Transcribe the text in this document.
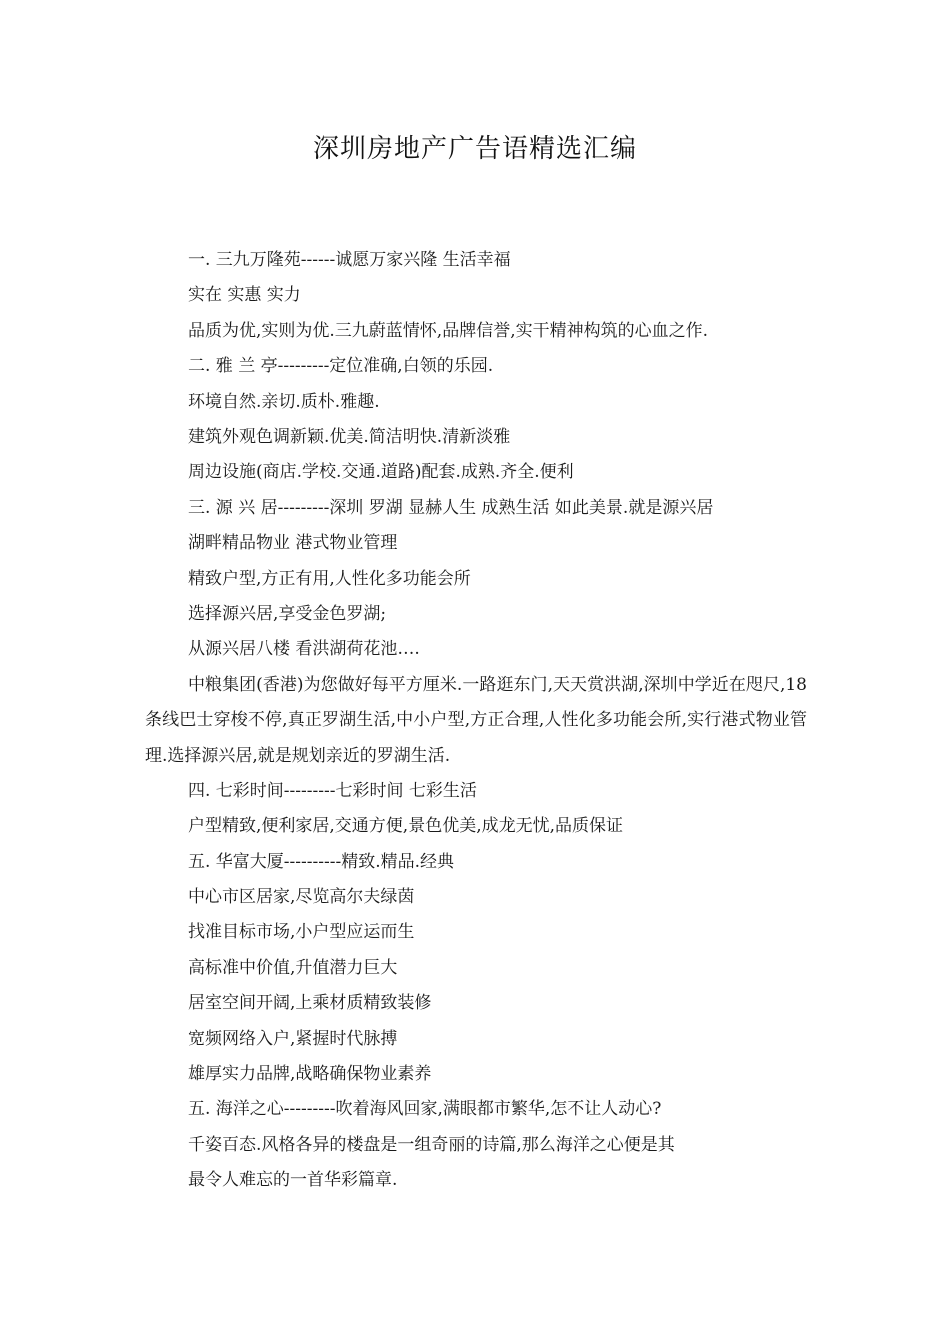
深圳房地产广告语精选汇编

一. 三九万隆苑------诚愿万家兴隆 生活幸福

实在 实惠 实力

品质为优,实则为优.三九蔚蓝情怀,品牌信誉,实干精神构筑的心血之作.

二. 雅 兰 亭---------定位准确,白领的乐园.

环境自然.亲切.质朴.雅趣.

建筑外观色调新颖.优美.简洁明快.清新淡雅

周边设施(商店.学校.交通.道路)配套.成熟.齐全.便利

三. 源 兴 居---------深圳 罗湖 显赫人生 成熟生活 如此美景.就是源兴居

湖畔精品物业 港式物业管理

精致户型,方正有用,人性化多功能会所

选择源兴居,享受金色罗湖;

从源兴居八楼 看洪湖荷花池….

中粮集团(香港)为您做好每平方厘米.一路逛东门,天天赏洪湖,深圳中学近在咫尺,18条线巴士穿梭不停,真正罗湖生活,中小户型,方正合理,人性化多功能会所,实行港式物业管理.选择源兴居,就是规划亲近的罗湖生活.

四. 七彩时间---------七彩时间 七彩生活

户型精致,便利家居,交通方便,景色优美,成龙无忧,品质保证

五. 华富大厦----------精致.精品.经典

中心市区居家,尽览高尔夫绿茵

找准目标市场,小户型应运而生

高标准中价值,升值潜力巨大

居室空间开阔,上乘材质精致装修

宽频网络入户,紧握时代脉搏

雄厚实力品牌,战略确保物业素养

五. 海洋之心---------吹着海风回家,满眼都市繁华,怎不让人动心?

千姿百态.风格各异的楼盘是一组奇丽的诗篇,那么海洋之心便是其

最令人难忘的一首华彩篇章.
